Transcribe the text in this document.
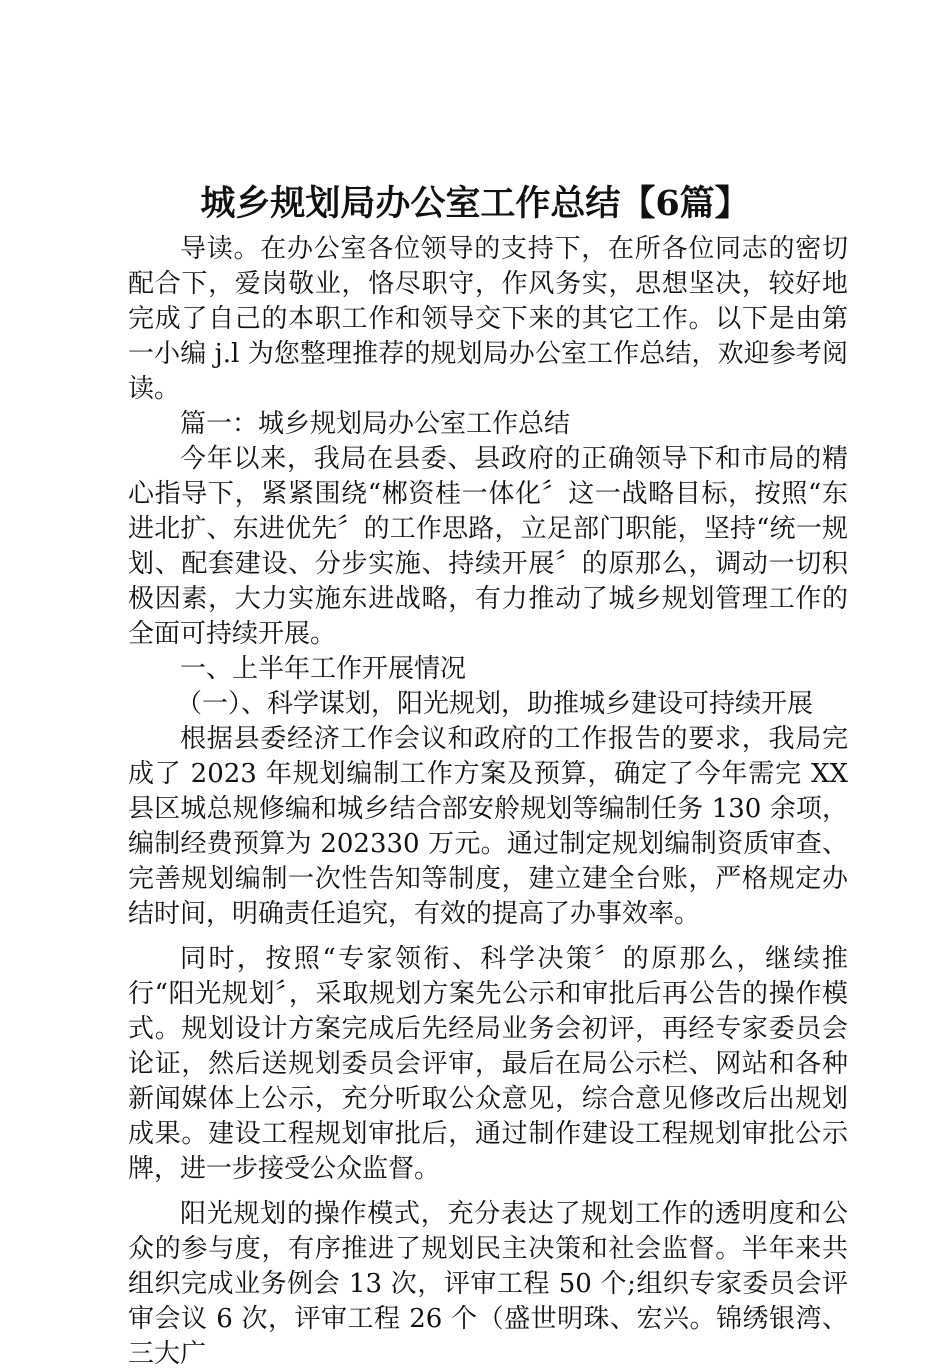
城乡规划局办公室工作总结【6篇】

导读。在办公室各位领导的支持下，在所各位同志的密切配合下，爱岗敬业，恪尽职守，作风务实，思想坚决，较好地完成了自己的本职工作和领导交下来的其它工作。以下是由第一小编 j.l 为您整理推荐的规划局办公室工作总结，欢迎参考阅读。

篇一：城乡规划局办公室工作总结

今年以来，我局在县委、县政府的正确领导下和市局的精心指导下，紧紧围绕“郴资桂一体化〞这一战略目标，按照“东进北扩、东进优先〞的工作思路，立足部门职能，坚持“统一规划、配套建设、分步实施、持续开展〞的原那么，调动一切积极因素，大力实施东进战略，有力推动了城乡规划管理工作的全面可持续开展。

一、上半年工作开展情况

（一）、科学谋划，阳光规划，助推城乡建设可持续开展

根据县委经济工作会议和政府的工作报告的要求，我局完成了 2023 年规划编制工作方案及预算，确定了今年需完 XX 县区城总规修编和城乡结合部安舲规划等编制任务 130 余项，编制经费预算为 202330 万元。通过制定规划编制资质审查、完善规划编制一次性告知等制度，建立建全台账，严格规定办结时间，明确责任追究，有效的提高了办事效率。

同时，按照“专家领衔、科学决策〞的原那么，继续推行“阳光规划〞，采取规划方案先公示和审批后再公告的操作模式。规划设计方案完成后先经局业务会初评，再经专家委员会论证，然后送规划委员会评审，最后在局公示栏、网站和各种新闻媒体上公示，充分听取公众意见，综合意见修改后出规划成果。建设工程规划审批后，通过制作建设工程规划审批公示牌，进一步接受公众监督。

阳光规划的操作模式，充分表达了规划工作的透明度和公众的参与度，有序推进了规划民主决策和社会监督。半年来共组织完成业务例会 13 次，评审工程 50 个;组织专家委员会评审会议 6 次，评审工程 26 个（盛世明珠、宏兴。锦绣银湾、三大广
